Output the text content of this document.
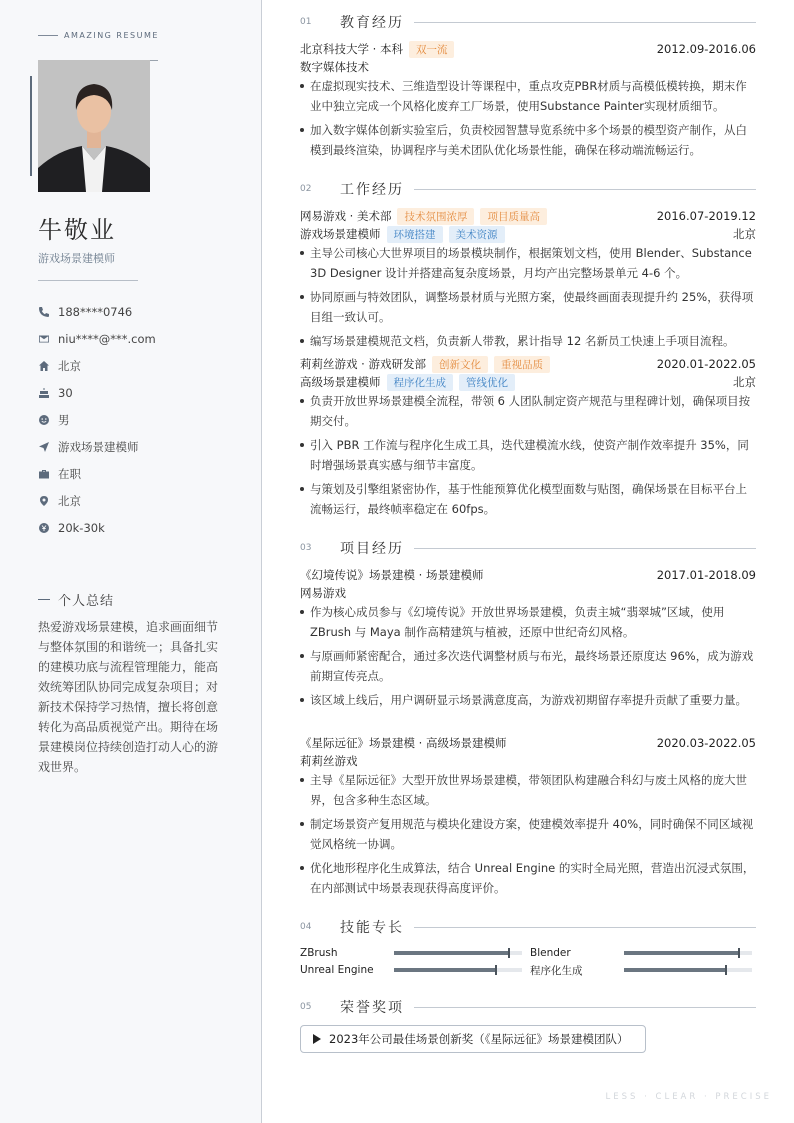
AMAZING RESUME
牛敬业
游戏场景建模师
188****0746
niu****@***.com
北京
30
男
游戏场景建模师
在职
北京
20k-30k
个人总结
热爱游戏场景建模，追求画面细节与整体氛围的和谐统一；具备扎实的建模功底与流程管理能力，能高效统筹团队协同完成复杂项目；对新技术保持学习热情，擅长将创意转化为高品质视觉产出。期待在场景建模岗位持续创造打动人心的游戏世界。
01	教育经历
北京科技大学 · 本科	双一流	2012.09-2016.06
数字媒体技术
在虚拟现实技术、三维造型设计等课程中，重点攻克PBR材质与高模低模转换，期末作业中独立完成一个风格化废弃工厂场景，使用Substance Painter实现材质细节。
加入数字媒体创新实验室后，负责校园智慧导览系统中多个场景的模型资产制作，从白模到最终渲染，协调程序与美术团队优化场景性能，确保在移动端流畅运行。
02	工作经历
网易游戏 · 美术部	技术氛围浓厚	项目质量高	2016.07-2019.12
游戏场景建模师	环境搭建	美术资源	北京
主导公司核心大世界项目的场景模块制作，根据策划文档，使用 Blender、Substance 3D Designer 设计并搭建高复杂度场景，月均产出完整场景单元 4-6 个。
协同原画与特效团队，调整场景材质与光照方案，使最终画面表现提升约 25%，获得项目组一致认可。
编写场景建模规范文档，负责新人带教，累计指导 12 名新员工快速上手项目流程。
莉莉丝游戏 · 游戏研发部	创新文化	重视品质	2020.01-2022.05
高级场景建模师	程序化生成	管线优化	北京
负责开放世界场景建模全流程，带领 6 人团队制定资产规范与里程碑计划，确保项目按期交付。
引入 PBR 工作流与程序化生成工具，迭代建模流水线，使资产制作效率提升 35%，同时增强场景真实感与细节丰富度。
与策划及引擎组紧密协作，基于性能预算优化模型面数与贴图，确保场景在目标平台上流畅运行，最终帧率稳定在 60fps。
03	项目经历
《幻境传说》场景建模 · 场景建模师	2017.01-2018.09
网易游戏
作为核心成员参与《幻境传说》开放世界场景建模，负责主城“翡翠城”区域，使用 ZBrush 与 Maya 制作高精建筑与植被，还原中世纪奇幻风格。
与原画师紧密配合，通过多次迭代调整材质与布光，最终场景还原度达 96%，成为游戏前期宣传亮点。
该区域上线后，用户调研显示场景满意度高，为游戏初期留存率提升贡献了重要力量。
《星际远征》场景建模 · 高级场景建模师	2020.03-2022.05
莉莉丝游戏
主导《星际远征》大型开放世界场景建模，带领团队构建融合科幻与废土风格的庞大世界，包含多种生态区域。
制定场景资产复用规范与模块化建设方案，使建模效率提升 40%，同时确保不同区域视觉风格统一协调。
优化地形程序化生成算法，结合 Unreal Engine 的实时全局光照，营造出沉浸式氛围，在内部测试中场景表现获得高度评价。
04	技能专长
ZBrush	Blender
Unreal Engine	程序化生成
05	荣誉奖项
2023年公司最佳场景创新奖（《星际远征》场景建模团队）
LESS · CLEAR · PRECISE
